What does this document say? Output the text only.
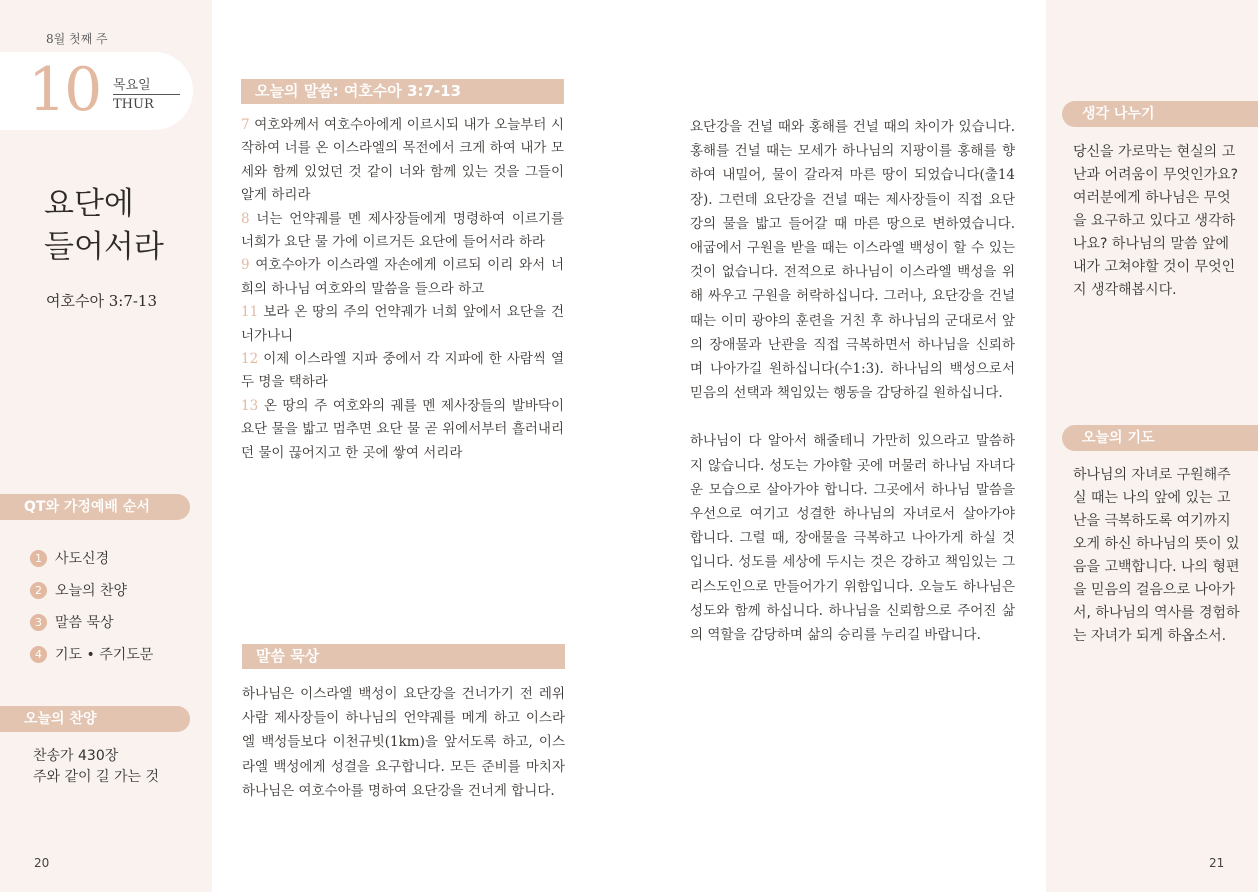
8월 첫째 주
10 목요일
THUR
요단에
들어서라
여호수아 3:7-13
QT와 가정예배 순서
1 사도신경
2 오늘의 찬양
3 말씀 묵상
4 기도 • 주기도문
오늘의 찬양
찬송가 430장
주와 같이 길 가는 것
20
오늘의 말씀: 여호수아 3:7-13
7 여호와께서 여호수아에게 이르시되 내가 오늘부터 시작하여 너를 온 이스라엘의 목전에서 크게 하여 내가 모세와 함께 있었던 것 같이 너와 함께 있는 것을 그들이 알게 하리라
8 너는 언약궤를 멘 제사장들에게 명령하여 이르기를 너희가 요단 물 가에 이르거든 요단에 들어서라 하라
9 여호수아가 이스라엘 자손에게 이르되 이리 와서 너희의 하나님 여호와의 말씀을 들으라 하고
11 보라 온 땅의 주의 언약궤가 너희 앞에서 요단을 건너가나니
12 이제 이스라엘 지파 중에서 각 지파에 한 사람씩 열두 명을 택하라
13 온 땅의 주 여호와의 궤를 멘 제사장들의 발바닥이 요단 물을 밟고 멈추면 요단 물 곧 위에서부터 흘러내리던 물이 끊어지고 한 곳에 쌓여 서리라
말씀 묵상
하나님은 이스라엘 백성이 요단강을 건너가기 전 레위사람 제사장들이 하나님의 언약궤를 메게 하고 이스라엘 백성들보다 이천규빗(1km)을 앞서도록 하고, 이스라엘 백성에게 성결을 요구합니다. 모든 준비를 마치자 하나님은 여호수아를 명하여 요단강을 건너게 합니다.

요단강을 건널 때와 홍해를 건널 때의 차이가 있습니다. 홍해를 건널 때는 모세가 하나님의 지팡이를 홍해를 향하여 내밀어, 물이 갈라져 마른 땅이 되었습니다(출14장). 그런데 요단강을 건널 때는 제사장들이 직접 요단강의 물을 밟고 들어갈 때 마른 땅으로 변하였습니다. 애굽에서 구원을 받을 때는 이스라엘 백성이 할 수 있는 것이 없습니다. 전적으로 하나님이 이스라엘 백성을 위해 싸우고 구원을 허락하십니다. 그러나, 요단강을 건널 때는 이미 광야의 훈련을 거친 후 하나님의 군대로서 앞의 장애물과 난관을 직접 극복하면서 하나님을 신뢰하며 나아가길 원하십니다(수1:3). 하나님의 백성으로서 믿음의 선택과 책임있는 행동을 감당하길 원하십니다.

하나님이 다 알아서 해줄테니 가만히 있으라고 말씀하지 않습니다. 성도는 가야할 곳에 머물러 하나님 자녀다운 모습으로 살아가야 합니다. 그곳에서 하나님 말씀을 우선으로 여기고 성결한 하나님의 자녀로서 살아가야 합니다. 그럴 때, 장애물을 극복하고 나아가게 하실 것입니다. 성도를 세상에 두시는 것은 강하고 책임있는 그리스도인으로 만들어가기 위함입니다. 오늘도 하나님은 성도와 함께 하십니다. 하나님을 신뢰함으로 주어진 삶의 역할을 감당하며 삶의 승리를 누리길 바랍니다.

생각 나누기
당신을 가로막는 현실의 고난과 어려움이 무엇인가요? 여러분에게 하나님은 무엇을 요구하고 있다고 생각하나요? 하나님의 말씀 앞에 내가 고쳐야할 것이 무엇인지 생각해봅시다.
오늘의 기도
하나님의 자녀로 구원해주실 때는 나의 앞에 있는 고난을 극복하도록 여기까지 오게 하신 하나님의 뜻이 있음을 고백합니다. 나의 형편을 믿음의 걸음으로 나아가서, 하나님의 역사를 경험하는 자녀가 되게 하옵소서.
21
